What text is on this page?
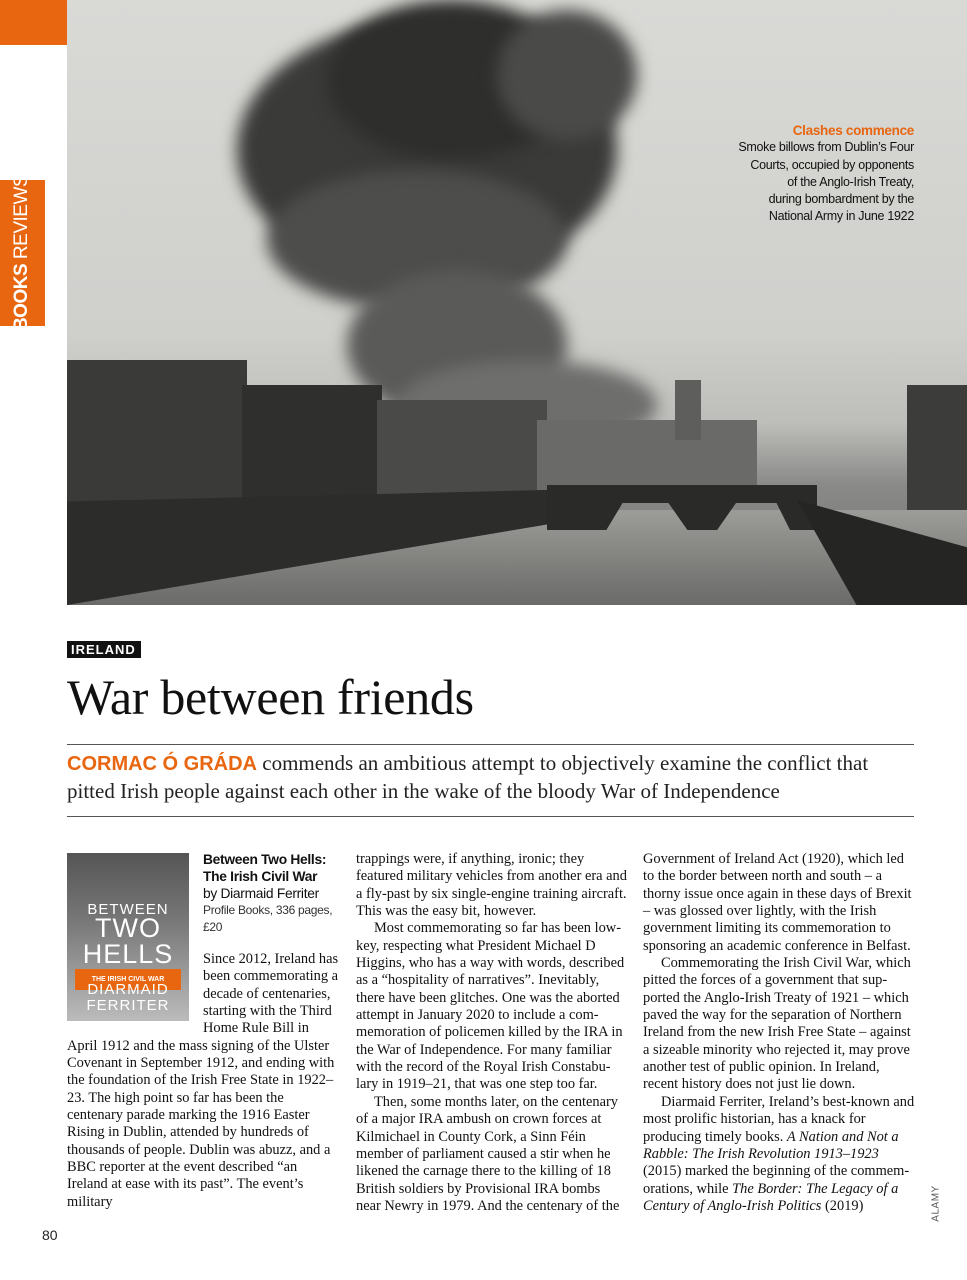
BOOKS REVIEWS
Clashes commence
Smoke billows from Dublin’s Four
Courts, occupied by opponents
of the Anglo-Irish Treaty,
during bombardment by the
National Army in June 1922
IRELAND
War between friends
CORMAC Ó GRÁDA commends an ambitious attempt to objectively examine the conflict that pitted Irish people against each other in the wake of the bloody War of Independence
BETWEEN
TWO
HELLS
THE IRISH CIVIL WAR
DIARMAID
FERRITER
Between Two Hells:
The Irish Civil War
by Diarmaid Ferriter
Profile Books, 336 pages, £20

Since 2012, Ireland has been commemorating a decade of centenaries, starting with the Third Home Rule Bill in April 1912 and the mass signing of the Ulster Covenant in September 1912, and ending with the foundation of the Irish Free State in 1922–23. The high point so far has been the centenary parade marking the 1916 Easter Rising in Dublin, attended by hundreds of thousands of people. Dublin was abuzz, and a BBC reporter at the event described “an Ireland at ease with its past”. The event’s military

trappings were, if anything, ironic; they featured military vehicles from another era and a fly-past by six single-engine training aircraft. This was the easy bit, however.

Most commemorating so far has been low-key, respecting what President Michael D Higgins, who has a way with words, described as a “hospitality of narratives”. Inevitably, there have been glitches. One was the aborted attempt in January 2020 to include a commemoration of policemen killed by the IRA in the War of Independence. For many familiar with the record of the Royal Irish Constabulary in 1919–21, that was one step too far.

Then, some months later, on the centenary of a major IRA ambush on crown forces at Kilmichael in County Cork, a Sinn Féin member of parliament caused a stir when he likened the carnage there to the killing of 18 British soldiers by Provisional IRA bombs near Newry in 1979. And the centenary of the

Government of Ireland Act (1920), which led to the border between north and south – a thorny issue once again in these days of Brexit – was glossed over lightly, with the Irish government limiting its commemoration to sponsoring an academic conference in Belfast.

Commemorating the Irish Civil War, which pitted the forces of a government that supported the Anglo-Irish Treaty of 1921 – which paved the way for the separation of Northern Ireland from the new Irish Free State – against a sizeable minority who rejected it, may prove another test of public opinion. In Ireland, recent history does not just lie down.

Diarmaid Ferriter, Ireland’s best-known and most prolific historian, has a knack for producing timely books. A Nation and Not a Rabble: The Irish Revolution 1913–1923 (2015) marked the beginning of the commemorations, while The Border: The Legacy of a Century of Anglo-Irish Politics (2019)

80
ALAMY
